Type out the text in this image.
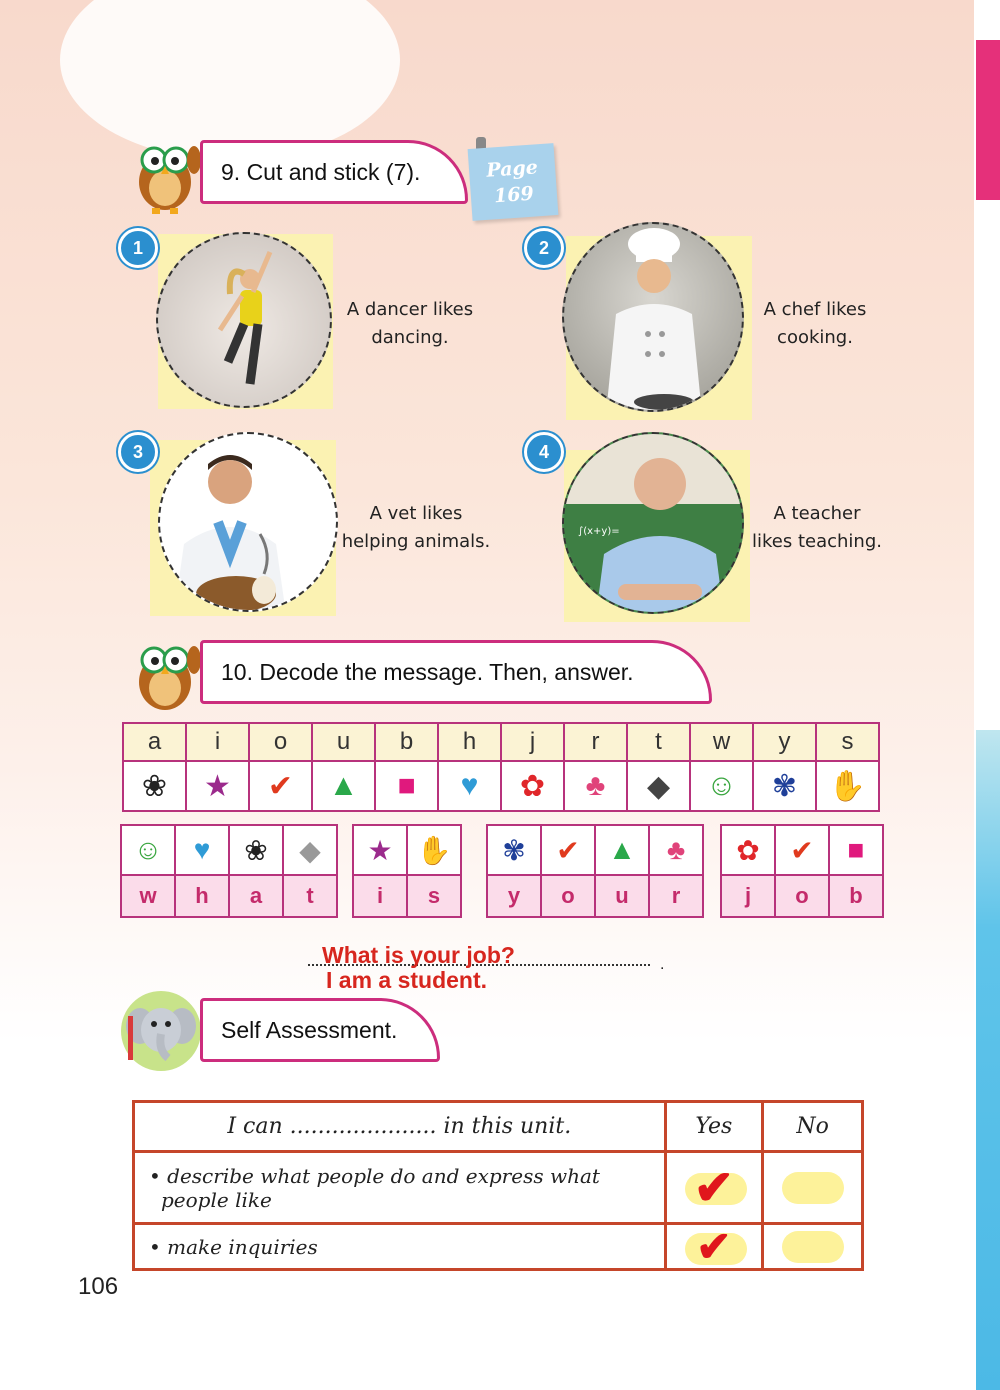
9. Cut and stick (7).	Page
169
1
A dancer likes
dancing.
2
A chef likes
cooking.
3
A vet likes
helping animals.	∫(x+y)=
4
A teacher
likes teaching.
10. Decode the message. Then, answer.
a	i	o	u	b	h	j	r	t	w	y	s
❀	★	✔	▲	■	♥	✿	♣	◆	☺	✾	✋
☺	♥	❀	◆
w	h	a	t
★	✋
i	s
✾	✔	▲	♣
y	o	u	r
✿	✔	■
j	o	b
.
What is your job?
I am a student.
Self Assessment.
I can ..................... in this unit.	Yes	No

• describe what people do and express what
people like	✔	

• make inquiries	✔	
106
